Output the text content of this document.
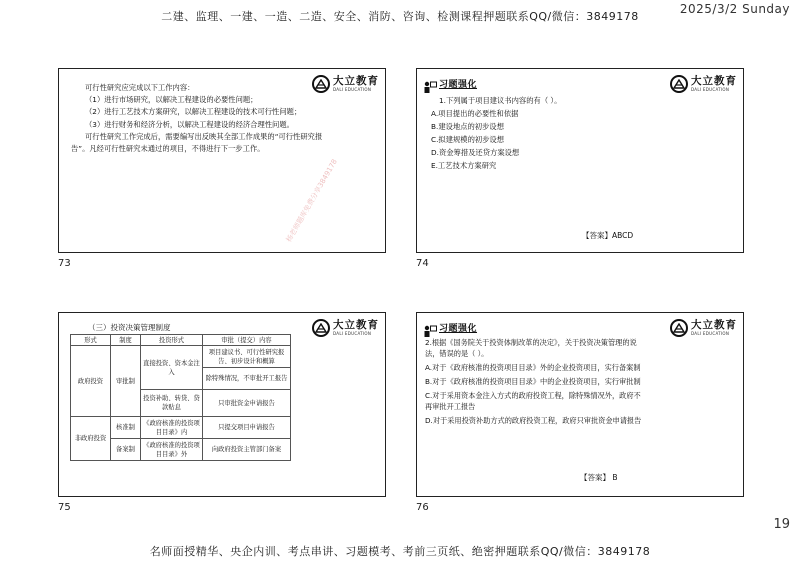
二建、监理、一建、一造、二造、安全、消防、咨询、检测课程押题联系QQ/微信：3849178
2025/3/2 Sunday
大立教育
DALI EDUCATION

可行性研究应完成以下工作内容：

（1）进行市场研究，以解决工程建设的必要性问题；

（2）进行工艺技术方案研究，以解决工程建设的技术可行性问题；

（3）进行财务和经济分析，以解决工程建设的经济合理性问题。

可行性研究工作完成后，需要编写出反映其全部工作成果的“可行性研究报告”。凡经可行性研究未通过的项目，不得进行下一步工作。

杨老师题库免费分享3849178
73
大立教育
DALI EDUCATION
习题强化
1.下列属于项目建议书内容的有（ ）。
A.项目提出的必要性和依据
B.建设地点的初步设想
C.拟建规模的初步设想
D.资金筹措及还贷方案设想
E.工艺技术方案研究
【答案】ABCD
74
大立教育
DALI EDUCATION
（三）投资决策管理制度
形式	制度	投资形式	审批（提交）内容
政府投资	审批制	直接投资、资本金注入	项目建议书、可行性研究报告、初步设计和概算
			除特殊情况，不审批开工报告
		投资补助、转贷、贷款贴息	只审批资金申请报告
非政府投资	核准制	《政府核准的投资项目目录》内	只提交项目申请报告
	备案制	《政府核准的投资项目目录》外	向政府投资主管部门备案
75
大立教育
DALI EDUCATION
习题强化

2.根据《国务院关于投资体制改革的决定》，关于投资决策管理的说法，错误的是（ ）。

A.对于《政府核准的投资项目目录》外的企业投资项目，实行备案制

B.对于《政府核准的投资项目目录》中的企业投资项目，实行审批制

C.对于采用资本金注入方式的政府投资工程，除特殊情况外，政府不再审批开工报告

D.对于采用投资补助方式的政府投资工程，政府只审批资金申请报告

【答案】 B
76
19
名师面授精华、央企内训、考点串讲、习题模考、考前三页纸、绝密押题联系QQ/微信：3849178
